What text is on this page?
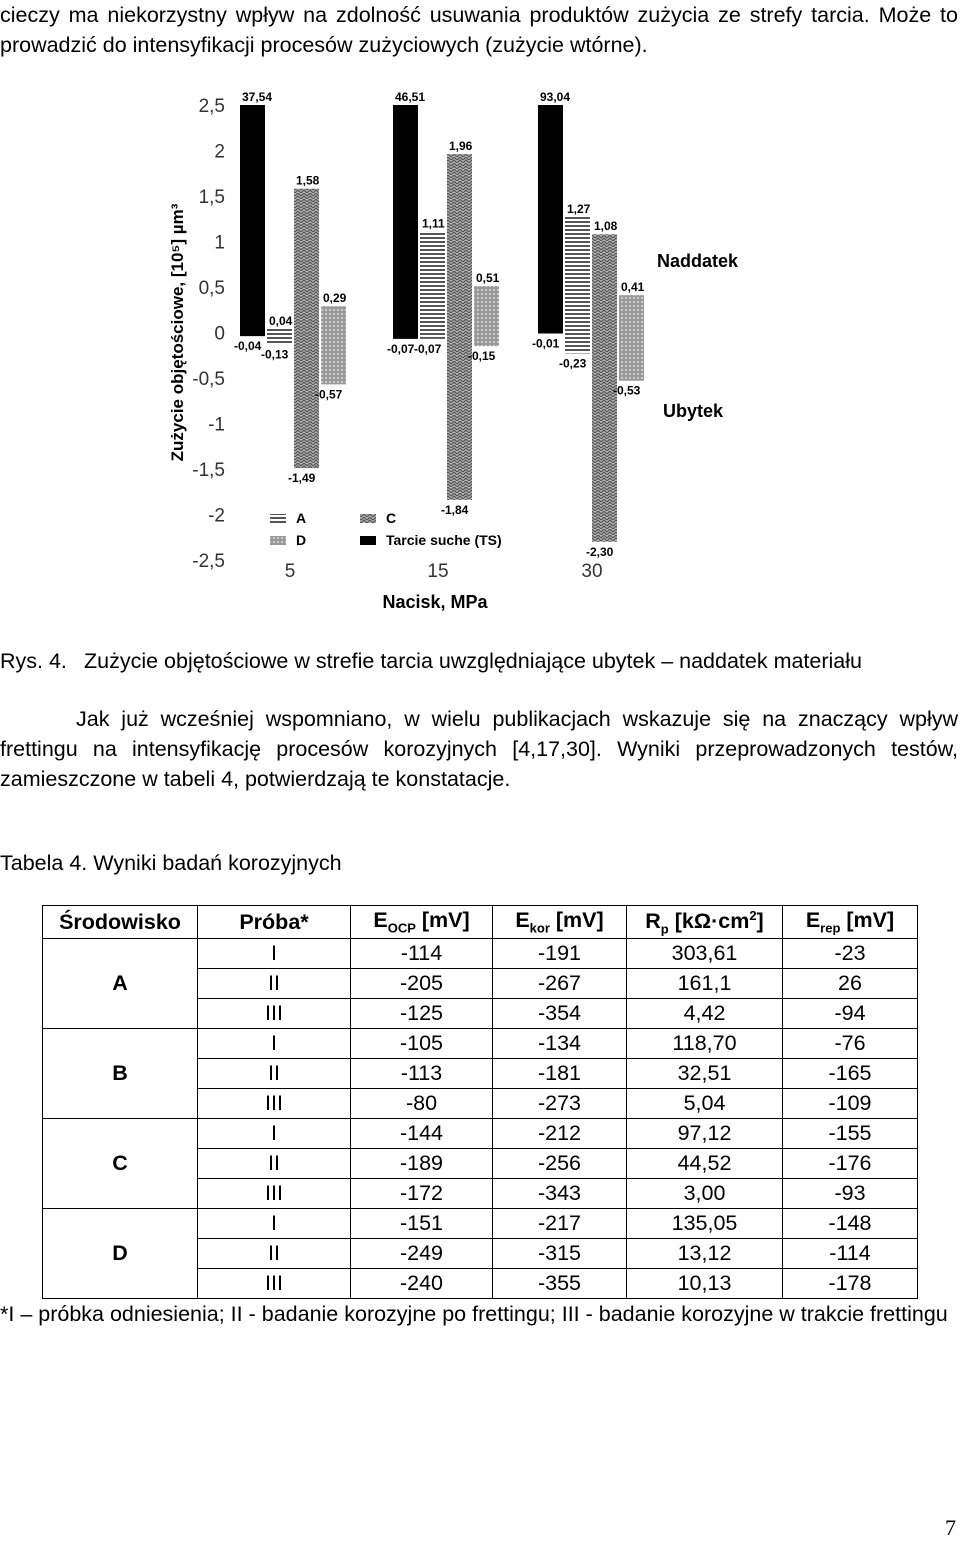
cieczy ma niekorzystny wpływ na zdolność usuwania produktów zużycia ze strefy tarcia. Może to prowadzić do intensyfikacji procesów zużyciowych (zużycie wtórne).

2,5
2
1,5
1
0,5
0
-0,5
-1
-1,5
-2
-2,5
Zużycie objętościowe, [10⁵] µm³
Nacisk, MPa
5	15	30
37,54
-0,04
46,51
-0,07
93,04
-0,01
0,04
-0,13
1,11
-0,07
1,27
-0,23
1,58
-1,49
1,96
-1,84
1,08
-2,30
0,29
-0,57
0,51
-0,15
0,41
-0,53
Naddatek
Ubytek
A	C
D	Tarcie suche (TS)
Rys. 4. Zużycie objętościowe w strefie tarcia uwzględniające ubytek – naddatek materiału

Jak już wcześniej wspomniano, w wielu publikacjach wskazuje się na znaczący wpływ frettingu na intensyfikację procesów korozyjnych [4,17,30]. Wyniki przeprowadzonych testów, zamieszczone w tabeli 4, potwierdzają te konstatacje.

Tabela 4. Wyniki badań korozyjnych
Środowisko	Próba*	$E_{OCP}$ [mV]	$E_{kor}$ [mV]	$R_p$ $[k\Omega\cdot cm^2]$	$E_{rep}$ [mV]
A	I	-114	-191	303,61	-23
	II	-205	-267	161,1	26
	III	-125	-354	4,42	-94
B	I	-105	-134	118,70	-76
	II	-113	-181	32,51	-165
	III	-80	-273	5,04	-109
C	I	-144	-212	97,12	-155
	II	-189	-256	44,52	-176
	III	-172	-343	3,00	-93
D	I	-151	-217	135,05	-148
	II	-249	-315	13,12	-114
	III	-240	-355	10,13	-178

*I – próbka odniesienia; II - badanie korozyjne po frettingu; III - badanie korozyjne w trakcie frettingu

7
